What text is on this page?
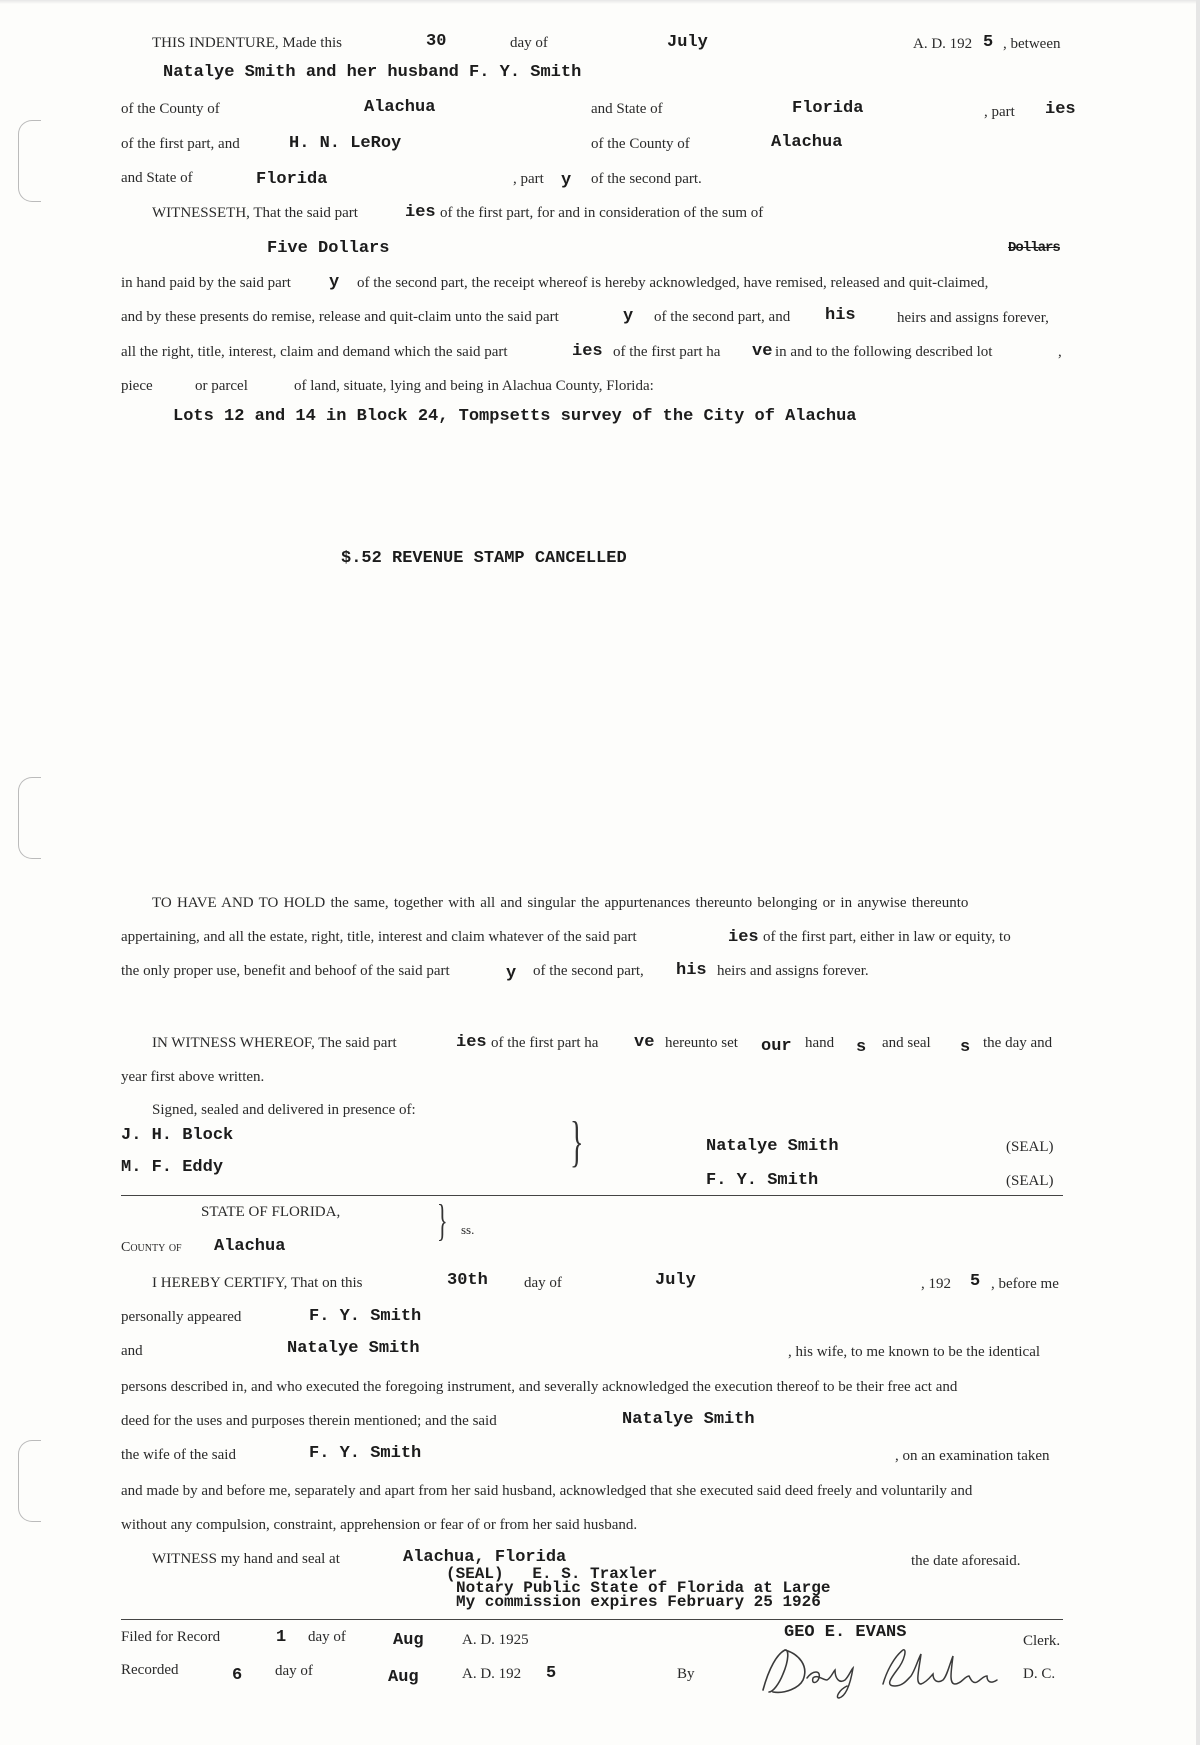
THIS INDENTURE, Made this	30	day of	July	A. D. 192 5 , between
Natalye Smith and her husband F. Y. Smith
of the County of	Alachua	and State of	Florida	, part ies
of the first part, and	H. N. LeRoy	of the County of	Alachua
and State of	Florida	, part y of the second part.
WITNESSETH, That the said part	ies of the first part, for and in consideration of the sum of
Five Dollars	Dollars
in hand paid by the said part y of the second part, the receipt whereof is hereby acknowledged, have remised, released and quit-claimed,
and by these presents do remise, release and quit-claim unto the said part	y of the second part, and his	heirs and assigns forever,
all the right, title, interest, claim and demand which the said part	ies of the first part ha ve in and to the following described lot	,
piece	or parcel	of land, situate, lying and being in Alachua County, Florida:
Lots 12 and 14 in Block 24, Tompsetts survey of the City of Alachua
$.52 REVENUE STAMP CANCELLED
TO HAVE AND TO HOLD the same, together with all and singular the appurtenances thereunto belonging or in anywise thereunto
appertaining, and all the estate, right, title, interest and claim whatever of the said part	ies of the first part, either in law or equity, to
the only proper use, benefit and behoof of the said part	y of the second part, his heirs and assigns forever.
IN WITNESS WHEREOF, The said part	ies of the first part ha ve hereunto set our hand s and seal s the day and
year first above written.
Signed, sealed and delivered in presence of:
J. H. Block
M. F. Eddy	}	Natalye Smith	(SEAL)
F. Y. Smith	(SEAL)
STATE OF FLORIDA, } ss.
County of Alachua
I HEREBY CERTIFY, That on this	30th day of	July	, 192 5 , before me
personally appeared	F. Y. Smith
and	Natalye Smith	, his wife, to me known to be the identical
persons described in, and who executed the foregoing instrument, and severally acknowledged the execution thereof to be their free act and
deed for the uses and purposes therein mentioned; and the said	Natalye Smith
the wife of the said	F. Y. Smith	, on an examination taken
and made by and before me, separately and apart from her said husband, acknowledged that she executed said deed freely and voluntarily and
without any compulsion, constraint, apprehension or fear of or from her said husband.
WITNESS my hand and seal at	Alachua, Florida	the date aforesaid.
(SEAL)   E. S. Traxler
Notary Public State of Florida at Large
My commission expires February 25 1926
Filed for Record	1 day of	Aug	A. D. 1925	GEO E. EVANS	Clerk.
Recorded	6 day of	Aug	A. D. 192 5	By	D. C.
